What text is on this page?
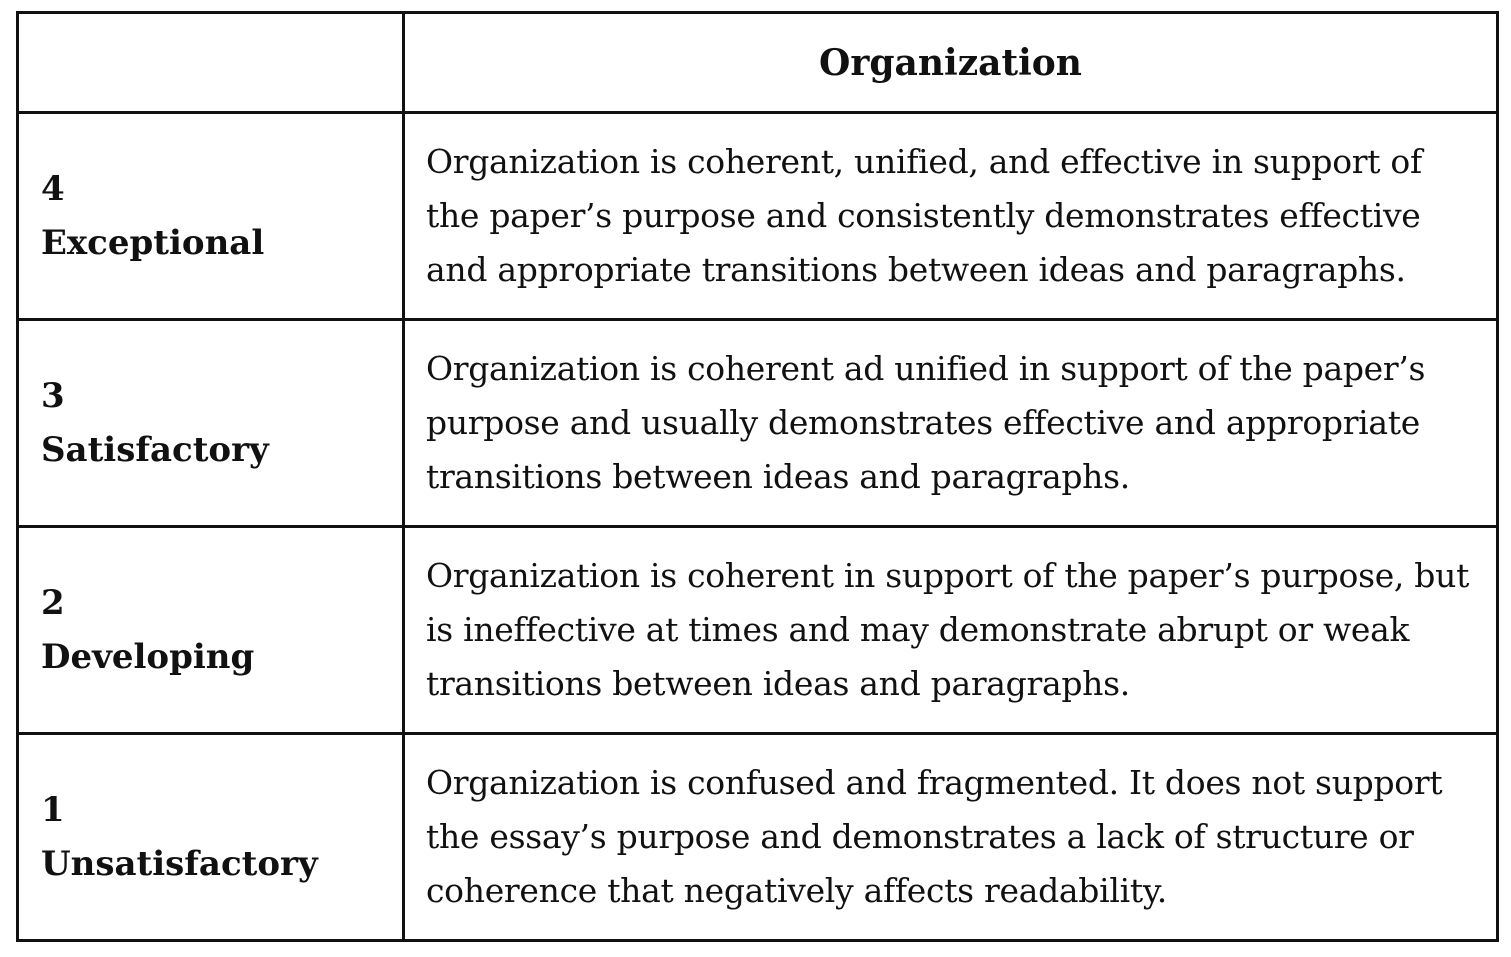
	Organization

4
Exceptional	Organization is coherent, unified, and effective in support of the paper’s purpose and consistently demonstrates effective and appropriate transitions between ideas and paragraphs.

3
Satisfactory	Organization is coherent ad unified in support of the paper’s purpose and usually demonstrates effective and appropriate transitions between ideas and paragraphs.

2
Developing	Organization is coherent in support of the paper’s purpose, but is ineffective at times and may demonstrate abrupt or weak transitions between ideas and paragraphs.

1
Unsatisfactory	Organization is confused and fragmented. It does not support the essay’s purpose and demonstrates a lack of structure or coherence that negatively affects readability.
